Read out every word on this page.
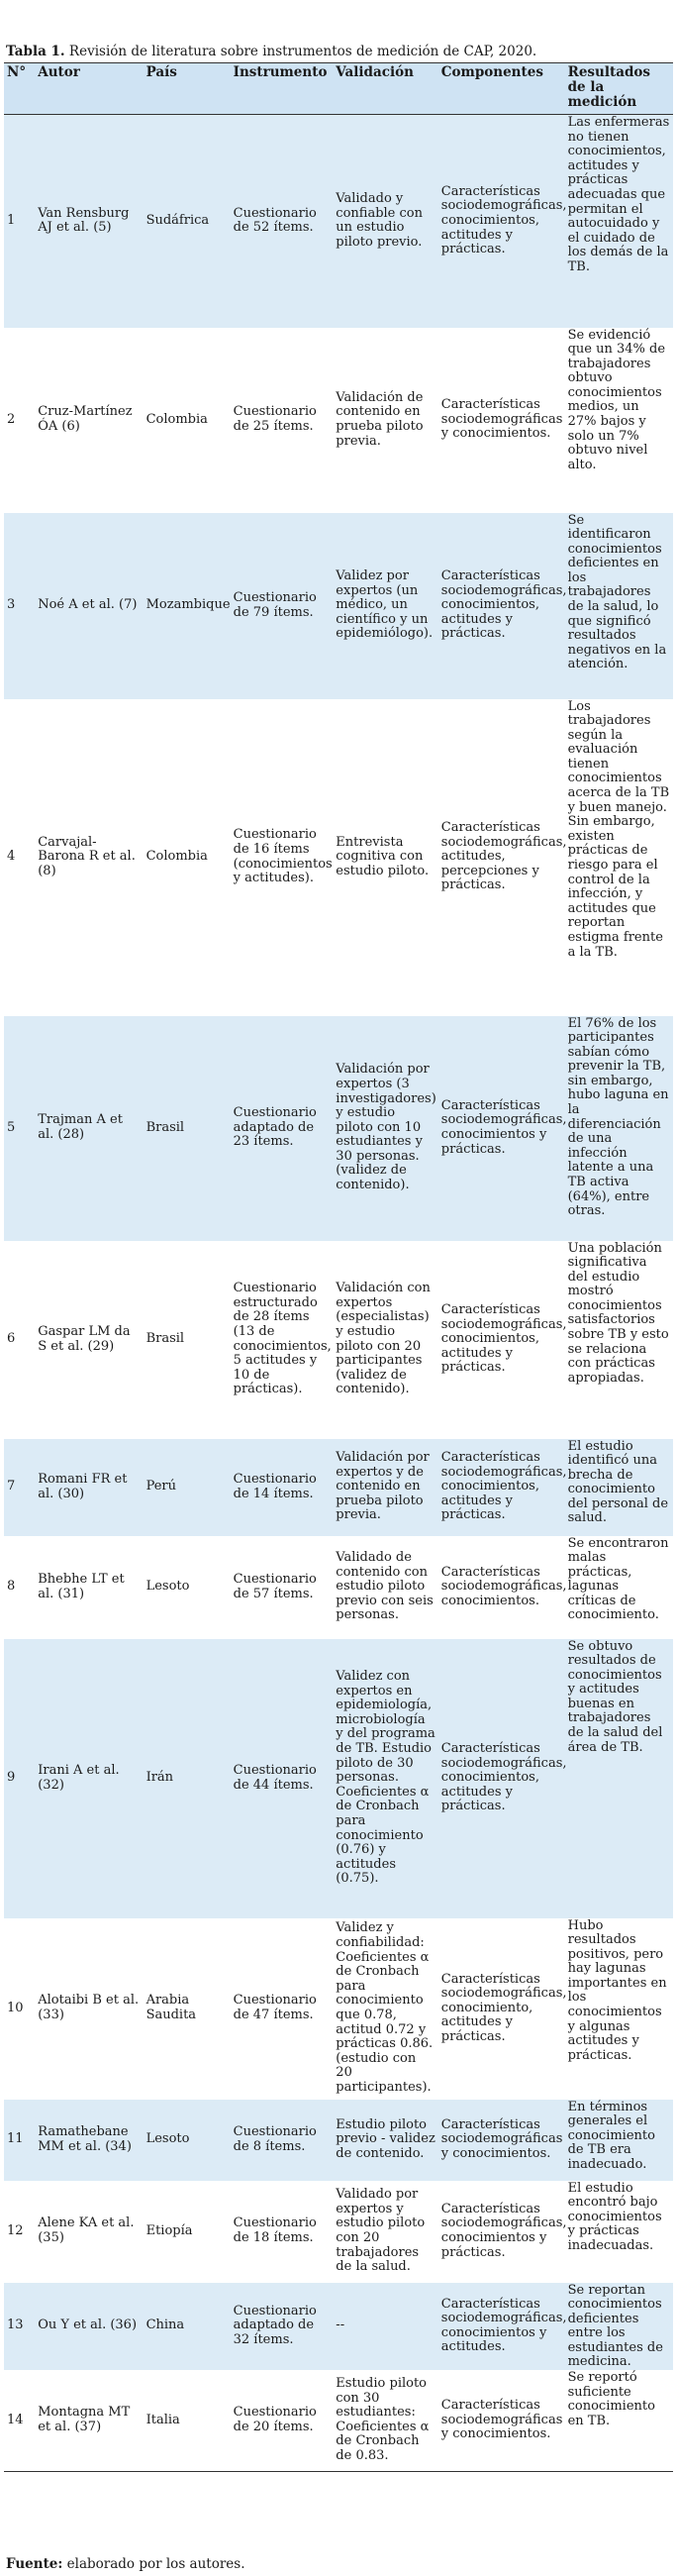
Tabla 1. Revisión de literatura sobre instrumentos de medición de CAP, 2020.
N°	Autor	País	Instrumento	Validación	Componentes	Resultados de la medición
1	Van Rensburg AJ et al. (5)	Sudáfrica	Cuestionario de 52 ítems.	Validado y confiable con un estudio piloto previo.	Características sociodemográficas, conocimientos, actitudes y prácticas.	Las enfermeras no tienen conocimientos, actitudes y prácticas adecuadas que permitan el autocuidado y el cuidado de los demás de la TB.
2	Cruz-Martínez ÓA (6)	Colombia	Cuestionario de 25 ítems.	Validación de contenido en prueba piloto previa.	Características sociodemográficas y conocimientos.	Se evidenció que un 34% de trabajadores obtuvo conocimientos medios, un 27% bajos y solo un 7% obtuvo nivel alto.
3	Noé A et al. (7)	Mozambique	Cuestionario de 79 ítems.	Validez por expertos (un médico, un científico y un epidemiólogo).	Características sociodemográficas, conocimientos, actitudes y prácticas.	Se identificaron conocimientos deficientes en los trabajadores de la salud, lo que significó resultados negativos en la atención.
4	Carvajal-Barona R et al. (8)	Colombia	Cuestionario de 16 ítems (conocimientos y actitudes).	Entrevista cognitiva con estudio piloto.	Características sociodemográficas, actitudes, percepciones y prácticas.	Los trabajadores según la evaluación tienen conocimientos acerca de la TB y buen manejo. Sin embargo, existen prácticas de riesgo para el control de la infección, y actitudes que reportan estigma frente a la TB.
5	Trajman A et al. (28)	Brasil	Cuestionario adaptado de 23 ítems.	Validación por expertos (3 investigadores) y estudio piloto con 10 estudiantes y 30 personas. (validez de contenido).	Características sociodemográficas, conocimientos y prácticas.	El 76% de los participantes sabían cómo prevenir la TB, sin embargo, hubo laguna en la diferenciación de una infección latente a una TB activa (64%), entre otras.
6	Gaspar LM da S et al. (29)	Brasil	Cuestionario estructurado de 28 ítems (13 de conocimientos, 5 actitudes y 10 de prácticas).	Validación con expertos (especialistas) y estudio piloto con 20 participantes (validez de contenido).	Características sociodemográficas, conocimientos, actitudes y prácticas.	Una población significativa del estudio mostró conocimientos satisfactorios sobre TB y esto se relaciona con prácticas apropiadas.
7	Romani FR et al. (30)	Perú	Cuestionario de 14 ítems.	Validación por expertos y de contenido en prueba piloto previa.	Características sociodemográficas, conocimientos, actitudes y prácticas.	El estudio identificó una brecha de conocimiento del personal de salud.
8	Bhebhe LT et al. (31)	Lesoto	Cuestionario de 57 ítems.	Validado de contenido con estudio piloto previo con seis personas.	Características sociodemográficas, conocimientos.	Se encontraron malas prácticas, lagunas críticas de conocimiento.
9	Irani A et al. (32)	Irán	Cuestionario de 44 ítems.	Validez con expertos en epidemiología, microbiología y del programa de TB. Estudio piloto de 30 personas. Coeficientes α de Cronbach para conocimiento (0.76) y actitudes (0.75).	Características sociodemográficas, conocimientos, actitudes y prácticas.	Se obtuvo resultados de conocimientos y actitudes buenas en trabajadores de la salud del área de TB.
10	Alotaibi B et al. (33)	Arabia Saudita	Cuestionario de 47 ítems.	Validez y confiabilidad: Coeficientes α de Cronbach para conocimiento que 0.78, actitud 0.72 y prácticas 0.86. (estudio con 20 participantes).	Características sociodemográficas, conocimiento, actitudes y prácticas.	Hubo resultados positivos, pero hay lagunas importantes en los conocimientos y algunas actitudes y prácticas.
11	Ramathebane MM et al. (34)	Lesoto	Cuestionario de 8 ítems.	Estudio piloto previo - validez de contenido.	Características sociodemográficas y conocimientos.	En términos generales el conocimiento de TB era inadecuado.
12	Alene KA et al. (35)	Etiopía	Cuestionario de 18 ítems.	Validado por expertos y estudio piloto con 20 trabajadores de la salud.	Características sociodemográficas, conocimientos y prácticas.	El estudio encontró bajo conocimientos y prácticas inadecuadas.
13	Ou Y et al. (36)	China	Cuestionario adaptado de 32 ítems.	--	Características sociodemográficas, conocimientos y actitudes.	Se reportan conocimientos deficientes entre los estudiantes de medicina.
14	Montagna MT et al. (37)	Italia	Cuestionario de 20 ítems.	Estudio piloto con 30 estudiantes: Coeficientes α de Cronbach de 0.83.	Características sociodemográficas y conocimientos.	Se reportó suficiente conocimiento en TB.
Fuente: elaborado por los autores.
